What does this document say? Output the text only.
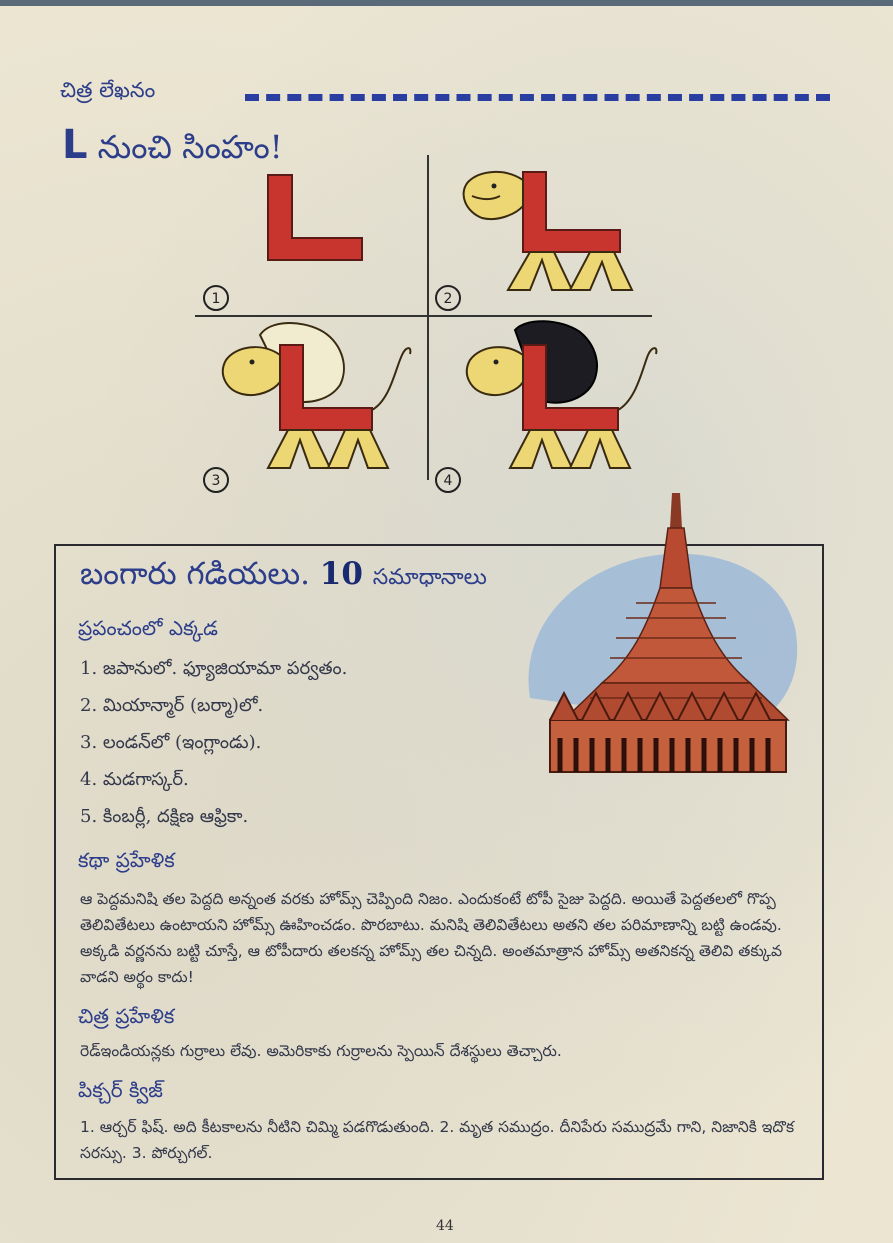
చిత్ర లేఖనం
L నుంచి సింహం!
1	2
3	4
బంగారు గడియలు. 10 సమాధానాలు
ప్రపంచంలో ఎక్కడ
1. జపానులో. ఫ్యూజియామా పర్వతం.
2. మియాన్మార్ (బర్మా)లో.
3. లండన్‌లో (ఇంగ్లాండు).
4. మడగాస్కర్.
5. కింబర్లీ, దక్షిణ ఆఫ్రికా.
కథా ప్రహేళిక

ఆ పెద్దమనిషి తల పెద్దది అన్నంత వరకు హోమ్స్ చెప్పింది నిజం. ఎందుకంటే టోపీ సైజు పెద్దది. అయితే పెద్దతలలో గొప్ప తెలివితేటలు ఉంటాయని హోమ్స్ ఊహించడం. పొరబాటు. మనిషి తెలివితేటలు అతని తల పరిమాణాన్ని బట్టి ఉండవు. అక్కడి వర్ణనను బట్టి చూస్తే, ఆ టోపీదారు తలకన్న హోమ్స్ తల చిన్నది. అంతమాత్రాన హోమ్స్ అతనికన్న తెలివి తక్కువ వాడని అర్థం కాదు!

చిత్ర ప్రహేళిక

రెడ్‌ఇండియన్లకు గుర్రాలు లేవు. అమెరికాకు గుర్రాలను స్పెయిన్ దేశస్థులు తెచ్చారు.

పిక్చర్ క్విజ్

1. ఆర్చర్ ఫిష్. అది కీటకాలను నీటిని చిమ్మి పడగొడుతుంది. 2. మృత సముద్రం. దీనిపేరు సముద్రమే గాని, నిజానికి ఇదొక సరస్సు. 3. పోర్చుగల్.

44
